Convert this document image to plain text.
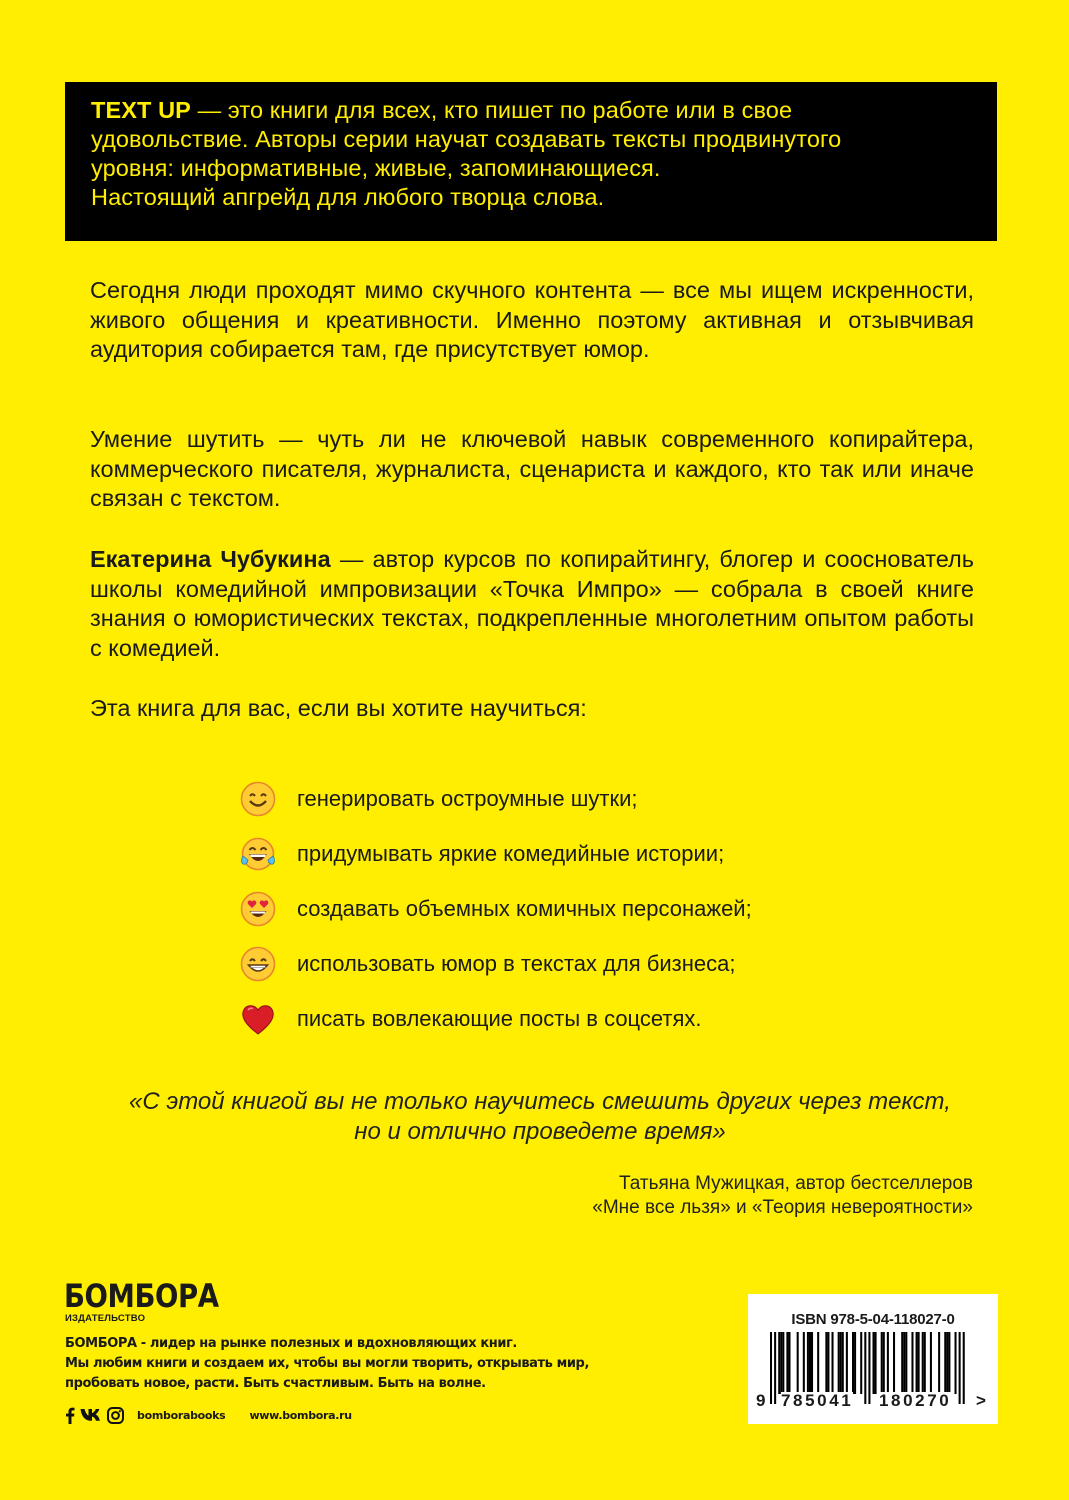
TEXT UP — это книги для всех, кто пишет по работе или в свое

удовольствие. Авторы серии научат создавать тексты продвинутого

уровня: информативные, живые, запоминающиеся.

Настоящий апгрейд для любого творца слова.

Сегодня люди проходят мимо скучного контента — все мы ищем искренности, живого общения и креативности. Именно поэтому активная и отзывчивая аудитория собирается там, где присутствует юмор.

Умение шутить — чуть ли не ключевой навык современного копирайтера, коммерческого писателя, журналиста, сценариста и каждого, кто так или иначе связан с текстом.

Екатерина Чубукина — автор курсов по копирайтингу, блогер и сооснователь школы комедийной импровизации «Точка Импро» — собрала в своей книге знания о юмористических текстах, подкрепленные многолетним опытом работы с комедией.

Эта книга для вас, если вы хотите научиться:

генерировать остроумные шутки;
придумывать яркие комедийные истории;
создавать объемных комичных персонажей;
использовать юмор в текстах для бизнеса;
писать вовлекающие посты в соцсетях.
«С этой книгой вы не только научитесь смешить других через текст,
но и отлично проведете время»
Татьяна Мужицкая, автор бестселлеров
«Мне все льзя» и «Теория невероятности»
БОМБОРА
ИЗДАТЕЛЬСТВО
БОМБОРА - лидер на рынке полезных и вдохновляющих книг.
Мы любим книги и создаем их, чтобы вы могли творить, открывать мир,
пробовать новое, расти. Быть счастливым. Быть на волне.
bomborabooks www.bombora.ru
ISBN 978-5-04-118027-0
9 785041 180270 >
